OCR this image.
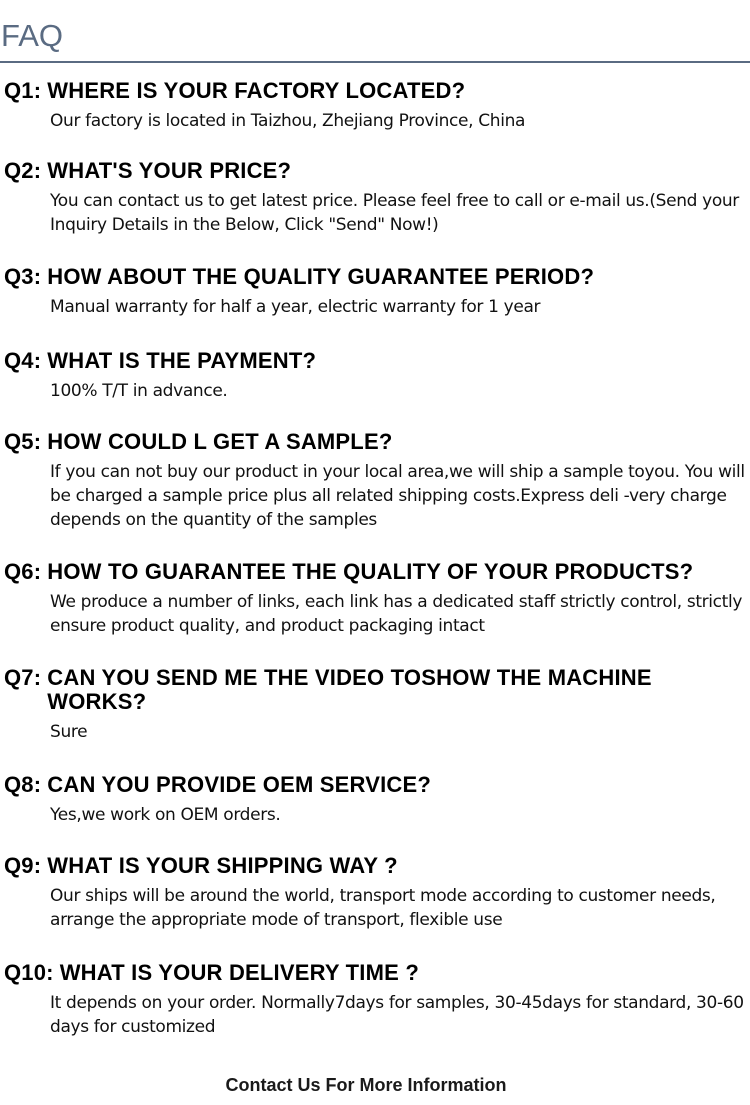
FAQ
Q1: WHERE IS YOUR FACTORY LOCATED?
Our factory is located in Taizhou, Zhejiang Province, China
Q2: WHAT'S YOUR PRICE?
You can contact us to get latest price. Please feel free to call or e-mail us.(Send your Inquiry Details in the Below, Click "Send" Now!)
Q3: HOW ABOUT THE QUALITY GUARANTEE PERIOD?
Manual warranty for half a year, electric warranty for 1 year
Q4: WHAT IS THE PAYMENT?
100% T/T in advance.
Q5: HOW COULD L GET A SAMPLE?
If you can not buy our product in your local area,we will ship a sample toyou. You will be charged a sample price plus all related shipping costs.Express deli -very charge depends on the quantity of the samples
Q6: HOW TO GUARANTEE THE QUALITY OF YOUR PRODUCTS?
We produce a number of links, each link has a dedicated staff strictly control, strictly ensure product quality, and product packaging intact
Q7: CAN YOU SEND ME THE VIDEO TOSHOW THE MACHINE WORKS?
Sure
Q8: CAN YOU PROVIDE OEM SERVICE?
Yes,we work on OEM orders.
Q9: WHAT IS YOUR SHIPPING WAY ?
Our ships will be around the world, transport mode according to customer needs, arrange the appropriate mode of transport, flexible use
Q10: WHAT IS YOUR DELIVERY TIME ?
It depends on your order. Normally7days for samples, 30-45days for standard, 30-60 days for customized
Contact Us For More Information
